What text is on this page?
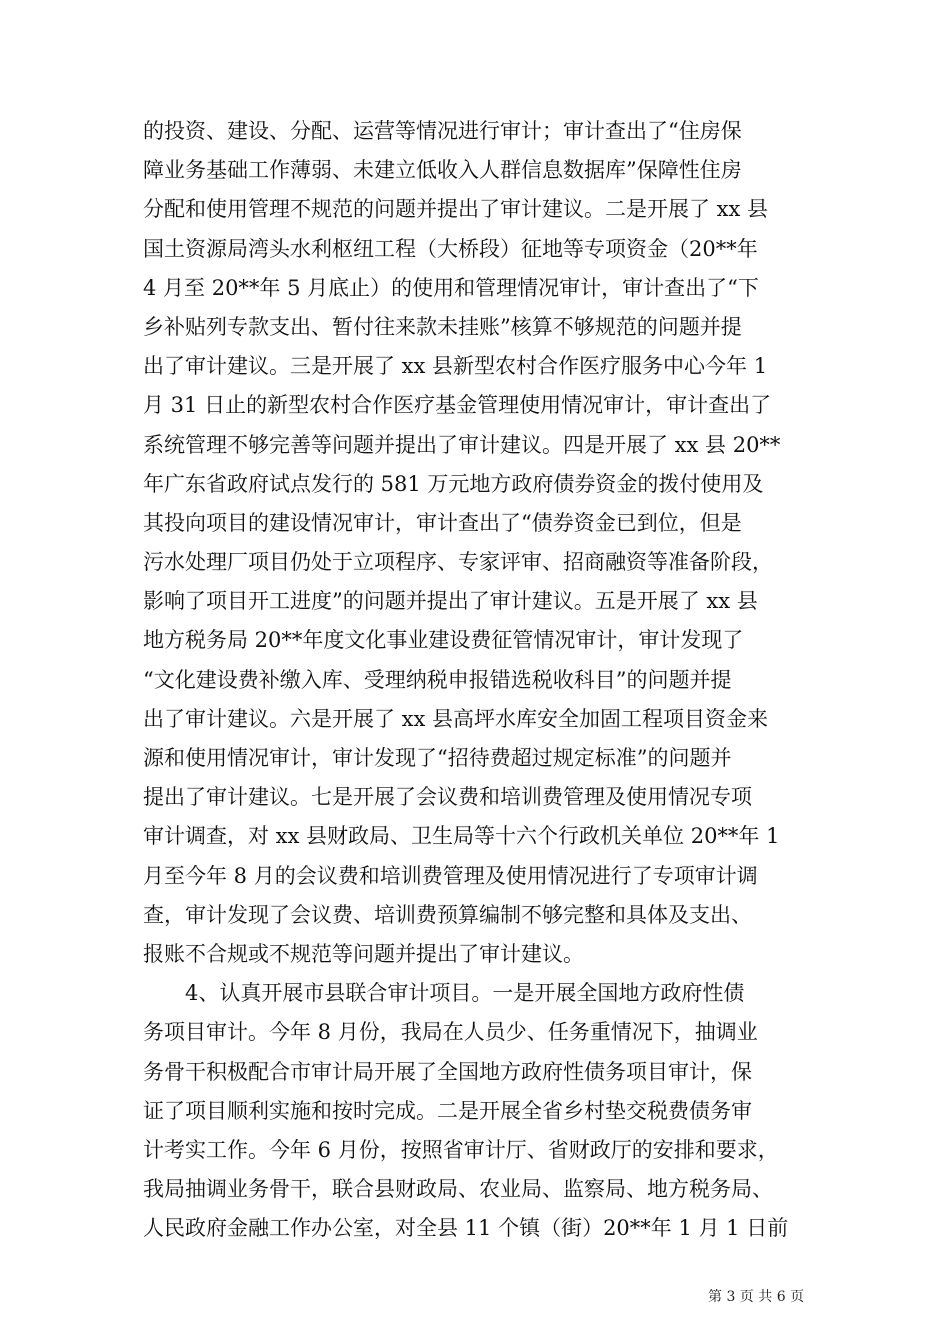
的投资、建设、分配、运营等情况进行审计；审计查出了“住房保
障业务基础工作薄弱、未建立低收入人群信息数据库”保障性住房
分配和使用管理不规范的问题并提出了审计建议。二是开展了 xx 县
国土资源局湾头水利枢纽工程（大桥段）征地等专项资金（20**年
4 月至 20**年 5 月底止）的使用和管理情况审计，审计查出了“下
乡补贴列专款支出、暂付往来款未挂账”核算不够规范的问题并提
出了审计建议。三是开展了 xx 县新型农村合作医疗服务中心今年 1
月 31 日止的新型农村合作医疗基金管理使用情况审计，审计查出了
系统管理不够完善等问题并提出了审计建议。四是开展了 xx 县 20**
年广东省政府试点发行的 581 万元地方政府债券资金的拨付使用及
其投向项目的建设情况审计，审计查出了“债券资金已到位，但是
污水处理厂项目仍处于立项程序、专家评审、招商融资等准备阶段，
影响了项目开工进度”的问题并提出了审计建议。五是开展了 xx 县
地方税务局 20**年度文化事业建设费征管情况审计，审计发现了
“文化建设费补缴入库、受理纳税申报错选税收科目”的问题并提
出了审计建议。六是开展了 xx 县高坪水库安全加固工程项目资金来
源和使用情况审计，审计发现了“招待费超过规定标准”的问题并
提出了审计建议。七是开展了会议费和培训费管理及使用情况专项
审计调查，对 xx 县财政局、卫生局等十六个行政机关单位 20**年 1
月至今年 8 月的会议费和培训费管理及使用情况进行了专项审计调
查，审计发现了会议费、培训费预算编制不够完整和具体及支出、
报账不合规或不规范等问题并提出了审计建议。
　　4、认真开展市县联合审计项目。一是开展全国地方政府性债
务项目审计。今年 8 月份，我局在人员少、任务重情况下，抽调业
务骨干积极配合市审计局开展了全国地方政府性债务项目审计，保
证了项目顺利实施和按时完成。二是开展全省乡村垫交税费债务审
计考实工作。今年 6 月份，按照省审计厅、省财政厅的安排和要求，
我局抽调业务骨干，联合县财政局、农业局、监察局、地方税务局、
人民政府金融工作办公室，对全县 11 个镇（街）20**年 1 月 1 日前
第 3 页 共 6 页
